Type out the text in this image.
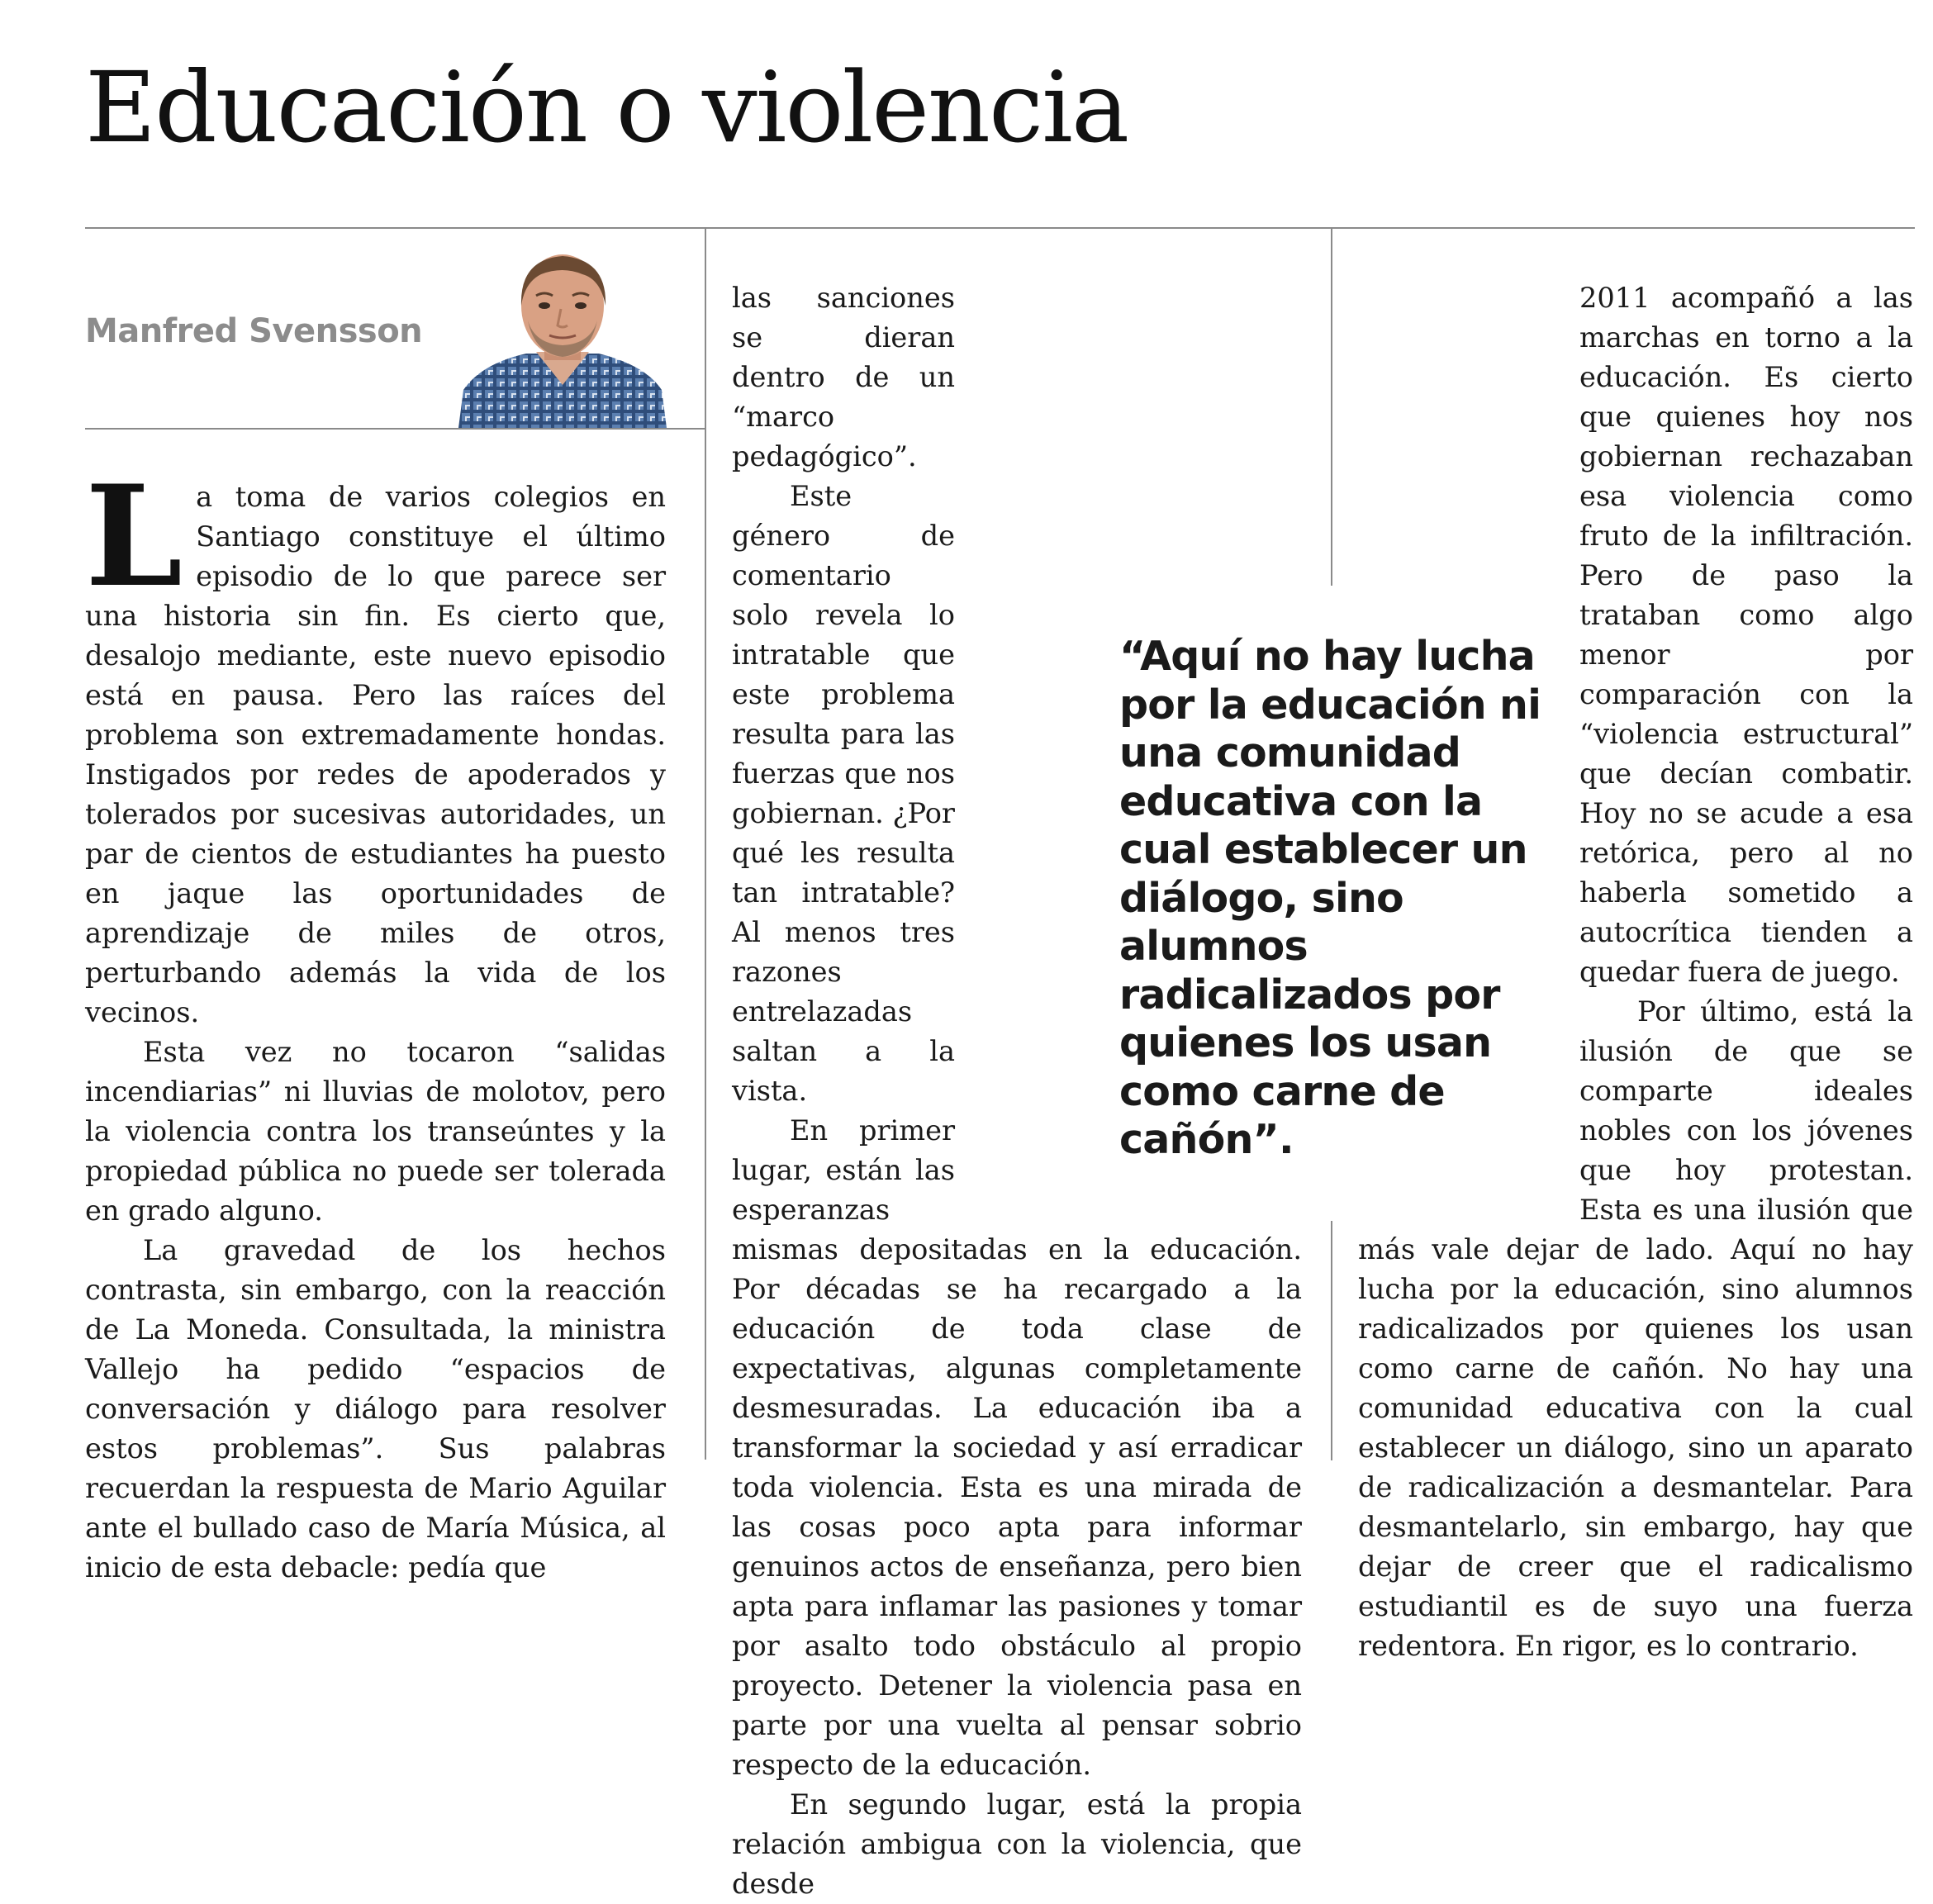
Educación o violencia
Manfred Svensson

La toma de varios colegios en Santiago constituye el último episodio de lo que parece ser una historia sin fin. Es cierto que, desalojo mediante, este nuevo episodio está en pausa. Pero las raíces del problema son extremadamente hondas. Instigados por redes de apoderados y tolerados por sucesivas autoridades, un par de cientos de estudiantes ha puesto en jaque las oportunidades de aprendizaje de miles de otros, perturbando además la vida de los vecinos.

Esta vez no tocaron “salidas incendiarias” ni lluvias de molotov, pero la violencia contra los transeúntes y la propiedad pública no puede ser tolerada en grado alguno.

La gravedad de los hechos contrasta, sin embargo, con la reacción de La Moneda. Consultada, la ministra Vallejo ha pedido “espacios de conversación y diálogo para resolver estos problemas”. Sus palabras recuerdan la respuesta de Mario Aguilar ante el bullado caso de María Música, al inicio de esta debacle: pedía que

las sanciones se dieran dentro de un “marco pedagógico”.

Este género de comentario solo revela lo intratable que este problema resulta para las fuerzas que nos gobiernan. ¿Por qué les resulta tan intratable? Al menos tres razones entrelazadas saltan a la vista.

En primer lugar, están las esperanzas mismas depositadas en la educación. Por décadas se ha recargado a la educación de toda clase de expectativas, algunas completamente desmesuradas. La educación iba a transformar la sociedad y así erradicar toda violencia. Esta es una mirada de las cosas poco apta para informar genuinos actos de enseñanza, pero bien apta para inflamar las pasiones y tomar por asalto todo obstáculo al propio proyecto. Detener la violencia pasa en parte por una vuelta al pensar sobrio respecto de la educación.

En segundo lugar, está la propia relación ambigua con la violencia, que desde

2011 acompañó a las marchas en torno a la educación. Es cierto que quienes hoy nos gobiernan rechazaban esa violencia como fruto de la infiltración. Pero de paso la trataban como algo menor por comparación con la “violencia estructural” que decían combatir. Hoy no se acude a esa retórica, pero al no haberla sometido a autocrítica tienden a quedar fuera de juego.

Por último, está la ilusión de que se comparte ideales nobles con los jóvenes que hoy protestan. Esta es una ilusión que más vale dejar de lado. Aquí no hay lucha por la educación, sino alumnos radicalizados por quienes los usan como carne de cañón. No hay una comunidad educativa con la cual establecer un diálogo, sino un aparato de radicalización a desmantelar. Para desmantelarlo, sin embargo, hay que dejar de creer que el radicalismo estudiantil es de suyo una fuerza redentora. En rigor, es lo contrario.

“Aquí no hay lucha por la educación ni una comunidad educativa con la cual establecer un diálogo, sino alumnos radicalizados por quienes los usan como carne de cañón”.
